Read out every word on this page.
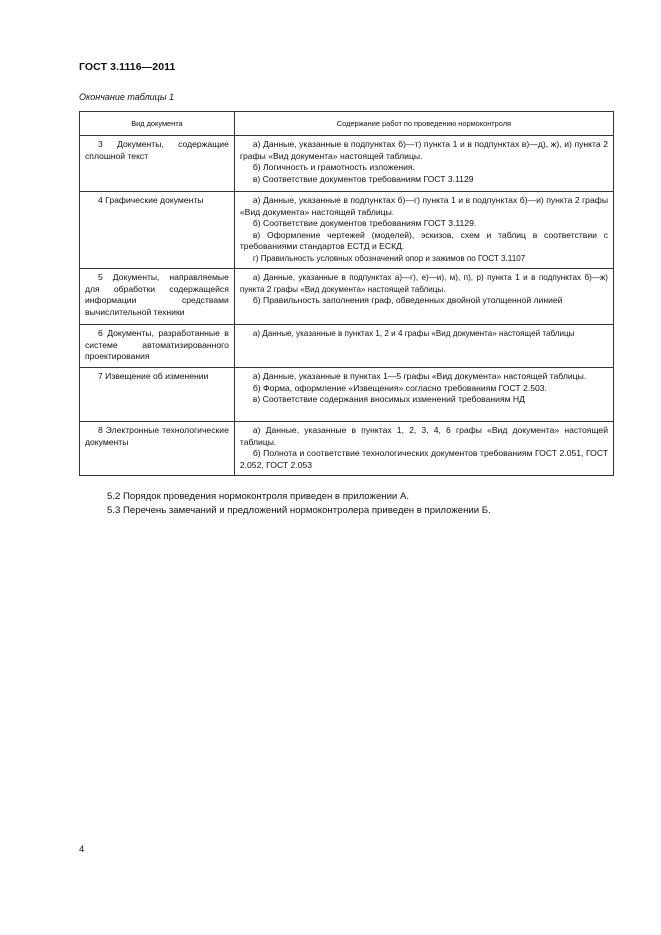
ГОСТ 3.1116—2011
Окончание таблицы 1
Вид документа	Содержание работ по проведению нормоконтроля
3 Документы, содержащие сплошной текст	а) Данные, указанные в подпунктах б)—т) пункта 1 и в подпунктах в)—д), ж), и) пункта 2 графы «Вид документа» настоящей таблицы.
б) Логичность и грамотность изложения.
в) Соответствие документов требованиям ГОСТ 3.1129

4 Графические документы	а) Данные, указанные в подпунктах б)—г) пункта 1 и в подпунктах б)—и) пункта 2 графы «Вид документа» настоящей таблицы.
б) Соответствие документов требованиям ГОСТ 3.1129.
в) Оформление чертежей (моделей), эскизов, схем и таблиц в соответствии с требованиями стандартов ЕСТД и ЕСКД.
г) Правильность условных обозначений опор и зажимов по ГОСТ 3.1107

5 Документы, направляемые для обработки содержащейся информации средствами вычислительной техники	а) Данные, указанные в подпунктах а)—г), е)—и), м), п), р) пункта 1 и в подпунктах б)—ж) пункта 2 графы «Вид документа» настоящей таблицы.
б) Правильность заполнения граф, обведенных двойной утолщенной линией

6 Документы, разработанные в системе автоматизированного проектирования	а) Данные, указанные в пунктах 1, 2 и 4 графы «Вид документа» настоящей таблицы

7 Извещение об изменении	а) Данные, указанные в пунктах 1—5 графы «Вид документа» настоящей таблицы.
б) Форма, оформление «Извещения» согласно требованиям ГОСТ 2.503.
в) Соответствие содержания вносимых изменений требованиям НД

8 Электронные технологические документы	а) Данные, указанные в пунктах 1, 2, 3, 4, 6 графы «Вид документа» настоящей таблицы.
б) Полнота и соответствие технологических документов требованиям ГОСТ 2.051, ГОСТ 2.052, ГОСТ 2.053
5.2 Порядок проведения нормоконтроля приведен в приложении А.
5.3 Перечень замечаний и предложений нормоконтролера приведен в приложении Б.
4
